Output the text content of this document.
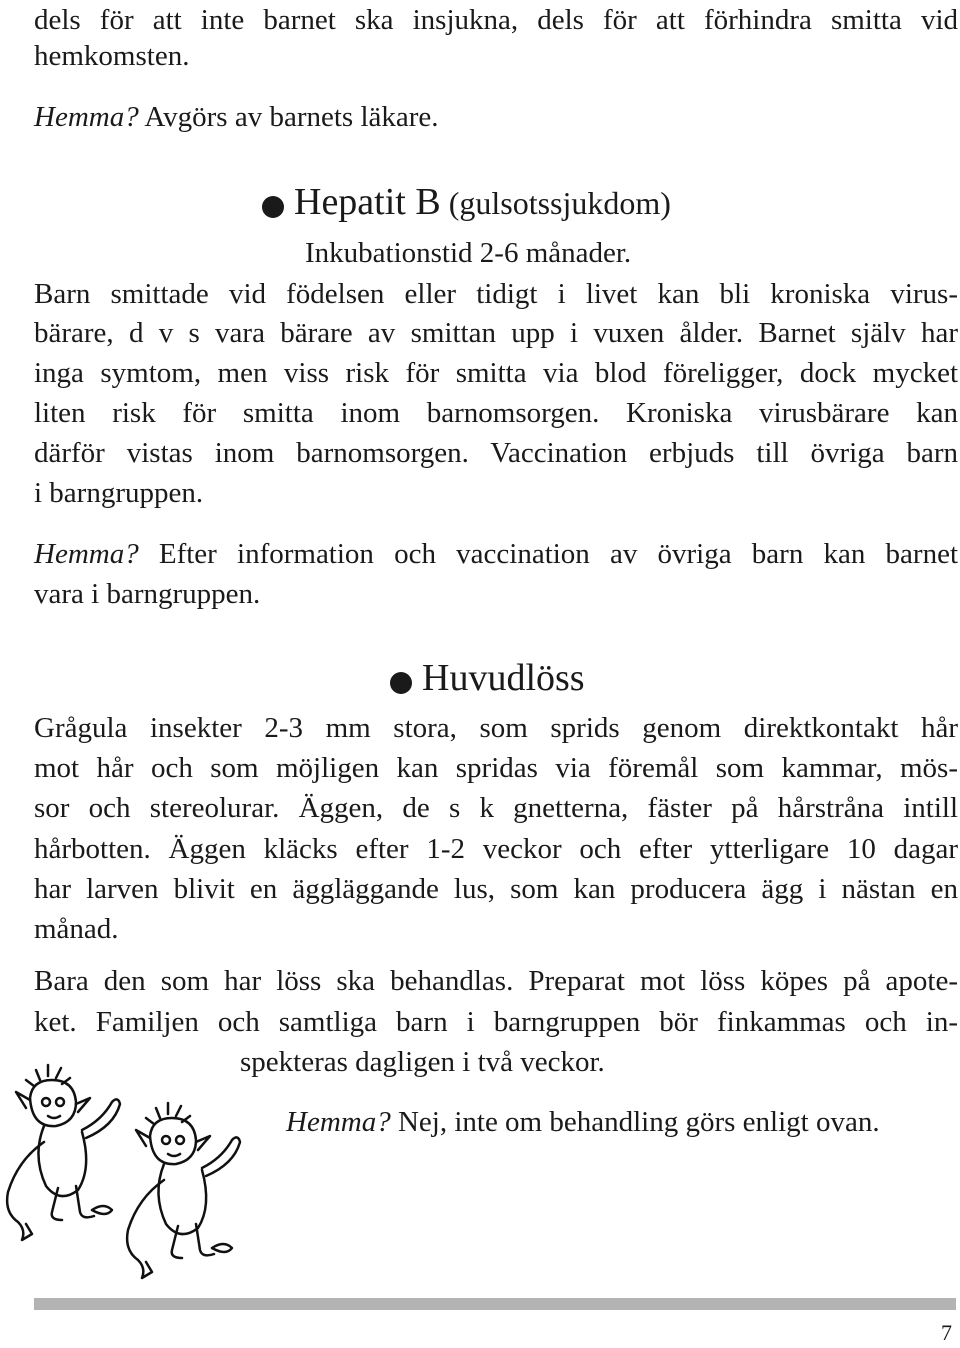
dels för att inte barnet ska insjukna, dels för att förhindra smitta vid
hemkomsten.
Hemma? Avgörs av barnets läkare.
Hepatit B (gulsotssjukdom)
Inkubationstid 2-6 månader.
Barn smittade vid födelsen eller tidigt i livet kan bli kroniska virus-
bärare, d v s vara bärare av smittan upp i vuxen ålder. Barnet själv har
inga symtom, men viss risk för smitta via blod föreligger, dock mycket
liten risk för smitta inom barnomsorgen. Kroniska virusbärare kan
därför vistas inom barnomsorgen. Vaccination erbjuds till övriga barn
i barngruppen.
Hemma? Efter information och vaccination av övriga barn kan barnet
vara i barngruppen.
Huvudlöss
Grågula insekter 2-3 mm stora, som sprids genom direktkontakt hår
mot hår och som möjligen kan spridas via föremål som kammar, mös-
sor och stereolurar. Äggen, de s k gnetterna, fäster på hårstråna intill
hårbotten. Äggen kläcks efter 1-2 veckor och efter ytterligare 10 dagar
har larven blivit en äggläggande lus, som kan producera ägg i nästan en
månad.
Bara den som har löss ska behandlas. Preparat mot löss köpes på apote-
ket. Familjen och samtliga barn i barngruppen bör finkammas och in-
spekteras dagligen i två veckor.
Hemma? Nej, inte om behandling görs enligt ovan.
7
